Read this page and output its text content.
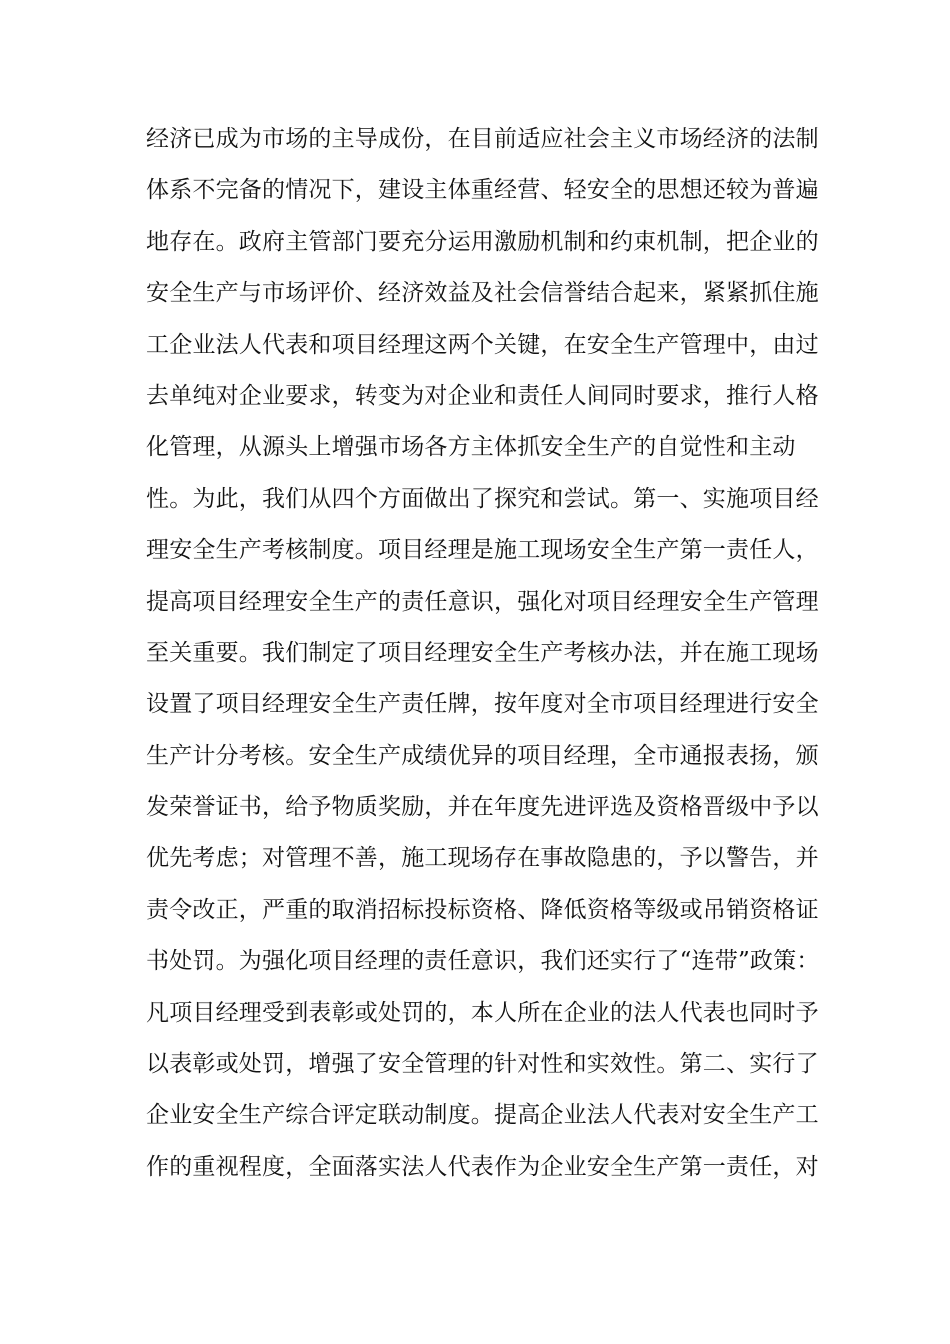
经济已成为市场的主导成份，在目前适应社会主义市场经济的法制
体系不完备的情况下，建设主体重经营、轻安全的思想还较为普遍
地存在。政府主管部门要充分运用激励机制和约束机制，把企业的
安全生产与市场评价、经济效益及社会信誉结合起来，紧紧抓住施
工企业法人代表和项目经理这两个关键，在安全生产管理中，由过
去单纯对企业要求，转变为对企业和责任人间同时要求，推行人格
化管理，从源头上增强市场各方主体抓安全生产的自觉性和主动
性。为此，我们从四个方面做出了探究和尝试。第一、实施项目经
理安全生产考核制度。项目经理是施工现场安全生产第一责任人，
提高项目经理安全生产的责任意识，强化对项目经理安全生产管理
至关重要。我们制定了项目经理安全生产考核办法，并在施工现场
设置了项目经理安全生产责任牌，按年度对全市项目经理进行安全
生产计分考核。安全生产成绩优异的项目经理，全市通报表扬，颁
发荣誉证书，给予物质奖励，并在年度先进评选及资格晋级中予以
优先考虑；对管理不善，施工现场存在事故隐患的，予以警告，并
责令改正，严重的取消招标投标资格、降低资格等级或吊销资格证
书处罚。为强化项目经理的责任意识，我们还实行了“连带”政策：
凡项目经理受到表彰或处罚的，本人所在企业的法人代表也同时予
以表彰或处罚，增强了安全管理的针对性和实效性。第二、实行了
企业安全生产综合评定联动制度。提高企业法人代表对安全生产工
作的重视程度，全面落实法人代表作为企业安全生产第一责任，对
